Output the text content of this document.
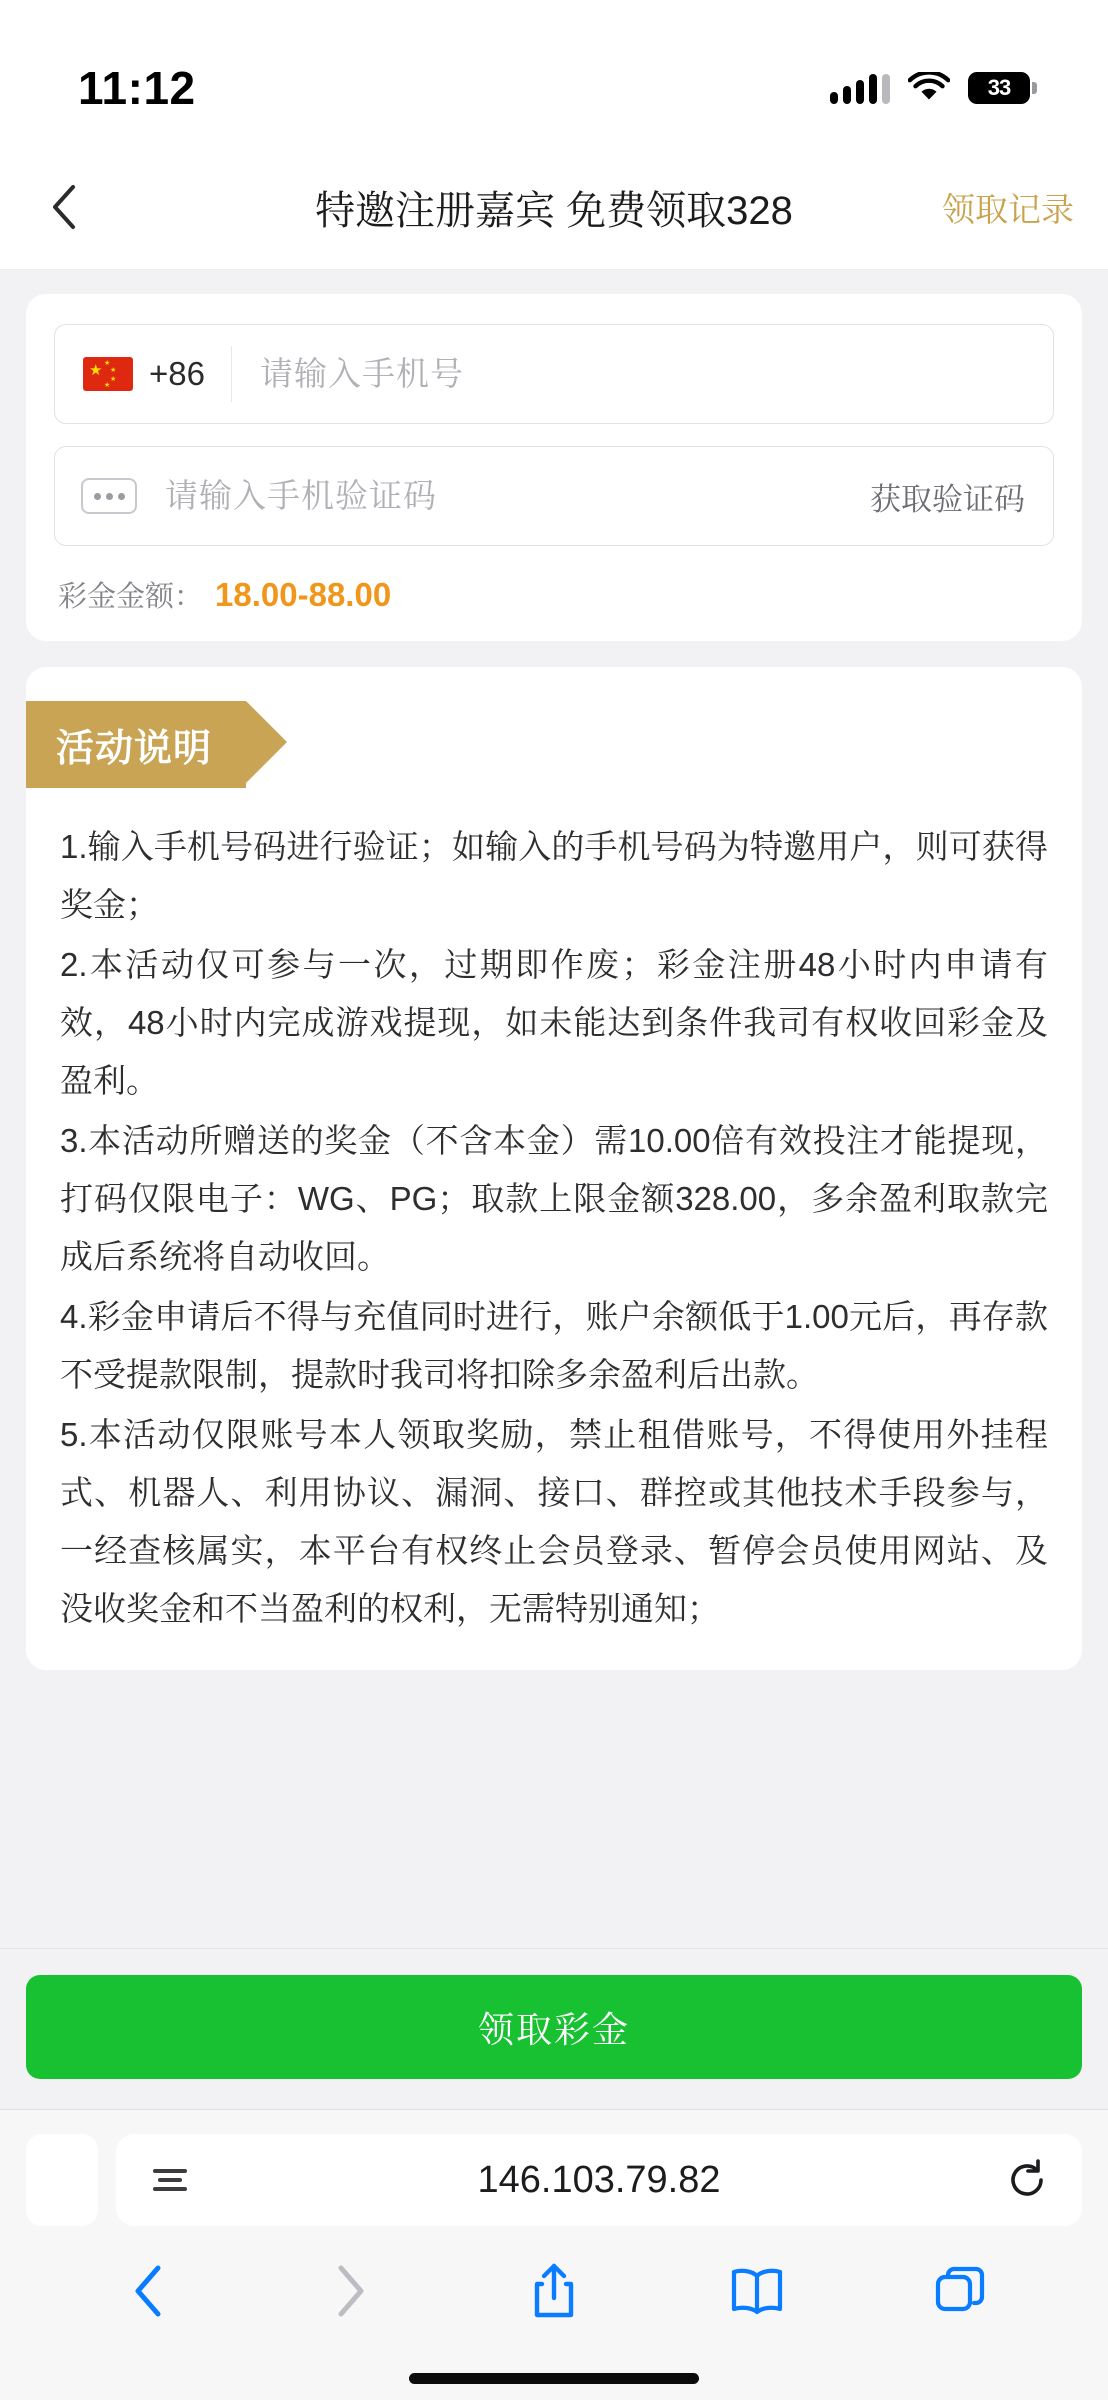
11:12	33
特邀注册嘉宾 免费领取328	领取记录
★ ★
★
★
★ +86
请输入手机号
请输入手机验证码
获取验证码
彩金金额： 18.00-88.00
活动说明

1.输入手机号码进行验证；如输入的手机号码为特邀用户，则可获得奖金；

2.本活动仅可参与一次，过期即作废；彩金注册48小时内申请有效，48小时内完成游戏提现，如未能达到条件我司有权收回彩金及盈利。

3.本活动所赠送的奖金（不含本金）需10.00倍有效投注才能提现，打码仅限电子：WG、PG；取款上限金额328.00，多余盈利取款完成后系统将自动收回。

4.彩金申请后不得与充值同时进行，账户余额低于1.00元后，再存款不受提款限制，提款时我司将扣除多余盈利后出款。

5.本活动仅限账号本人领取奖励，禁止租借账号，不得使用外挂程式、机器人、利用协议、漏洞、接口、群控或其他技术手段参与，一经查核属实，本平台有权终止会员登录、暂停会员使用网站、及没收奖金和不当盈利的权利，无需特别通知；

领取彩金
146.103.79.82
